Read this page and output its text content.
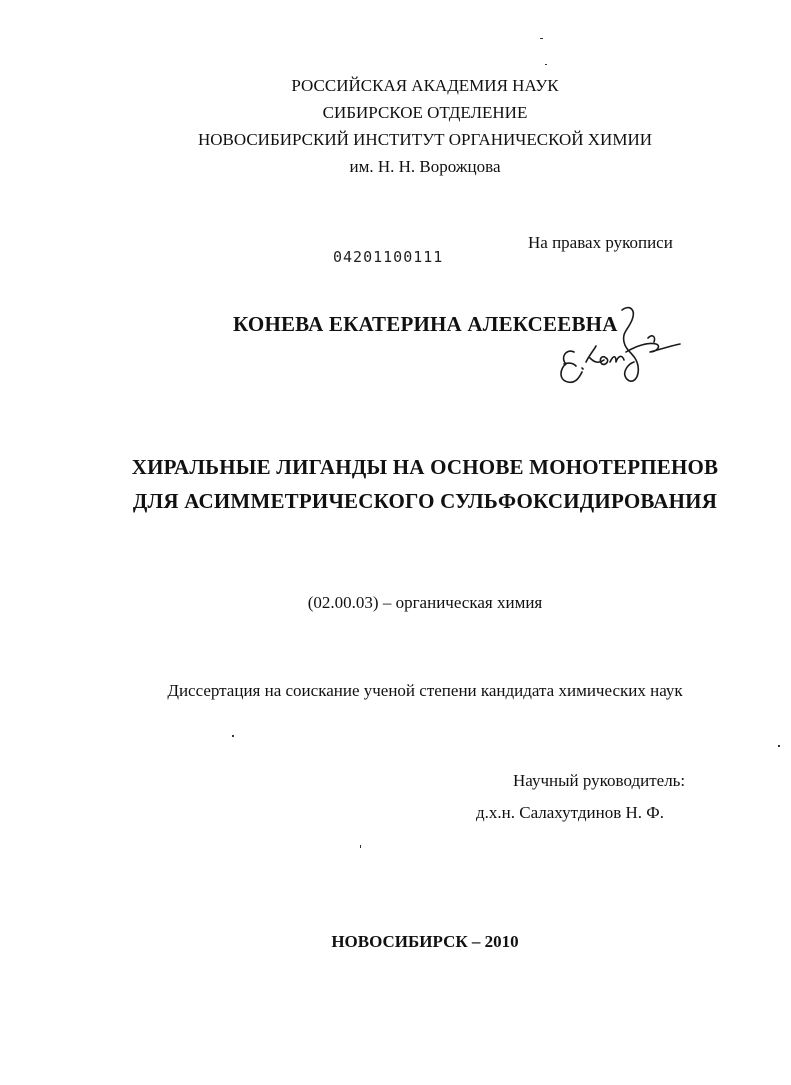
РОССИЙСКАЯ АКАДЕМИЯ НАУК
СИБИРСКОЕ ОТДЕЛЕНИЕ
НОВОСИБИРСКИЙ ИНСТИТУТ ОРГАНИЧЕСКОЙ ХИМИИ
им. Н. Н. Ворожцова
04201100111
На правах рукописи
КОНЕВА ЕКАТЕРИНА АЛЕКСЕЕВНА
ХИРАЛЬНЫЕ ЛИГАНДЫ НА ОСНОВЕ МОНОТЕРПЕНОВ
ДЛЯ АСИММЕТРИЧЕСКОГО СУЛЬФОКСИДИРОВАНИЯ
(02.00.03) – органическая химия
Диссертация на соискание ученой степени кандидата химических наук
Научный руководитель:
д.х.н. Салахутдинов Н. Ф.
НОВОСИБИРСК – 2010
